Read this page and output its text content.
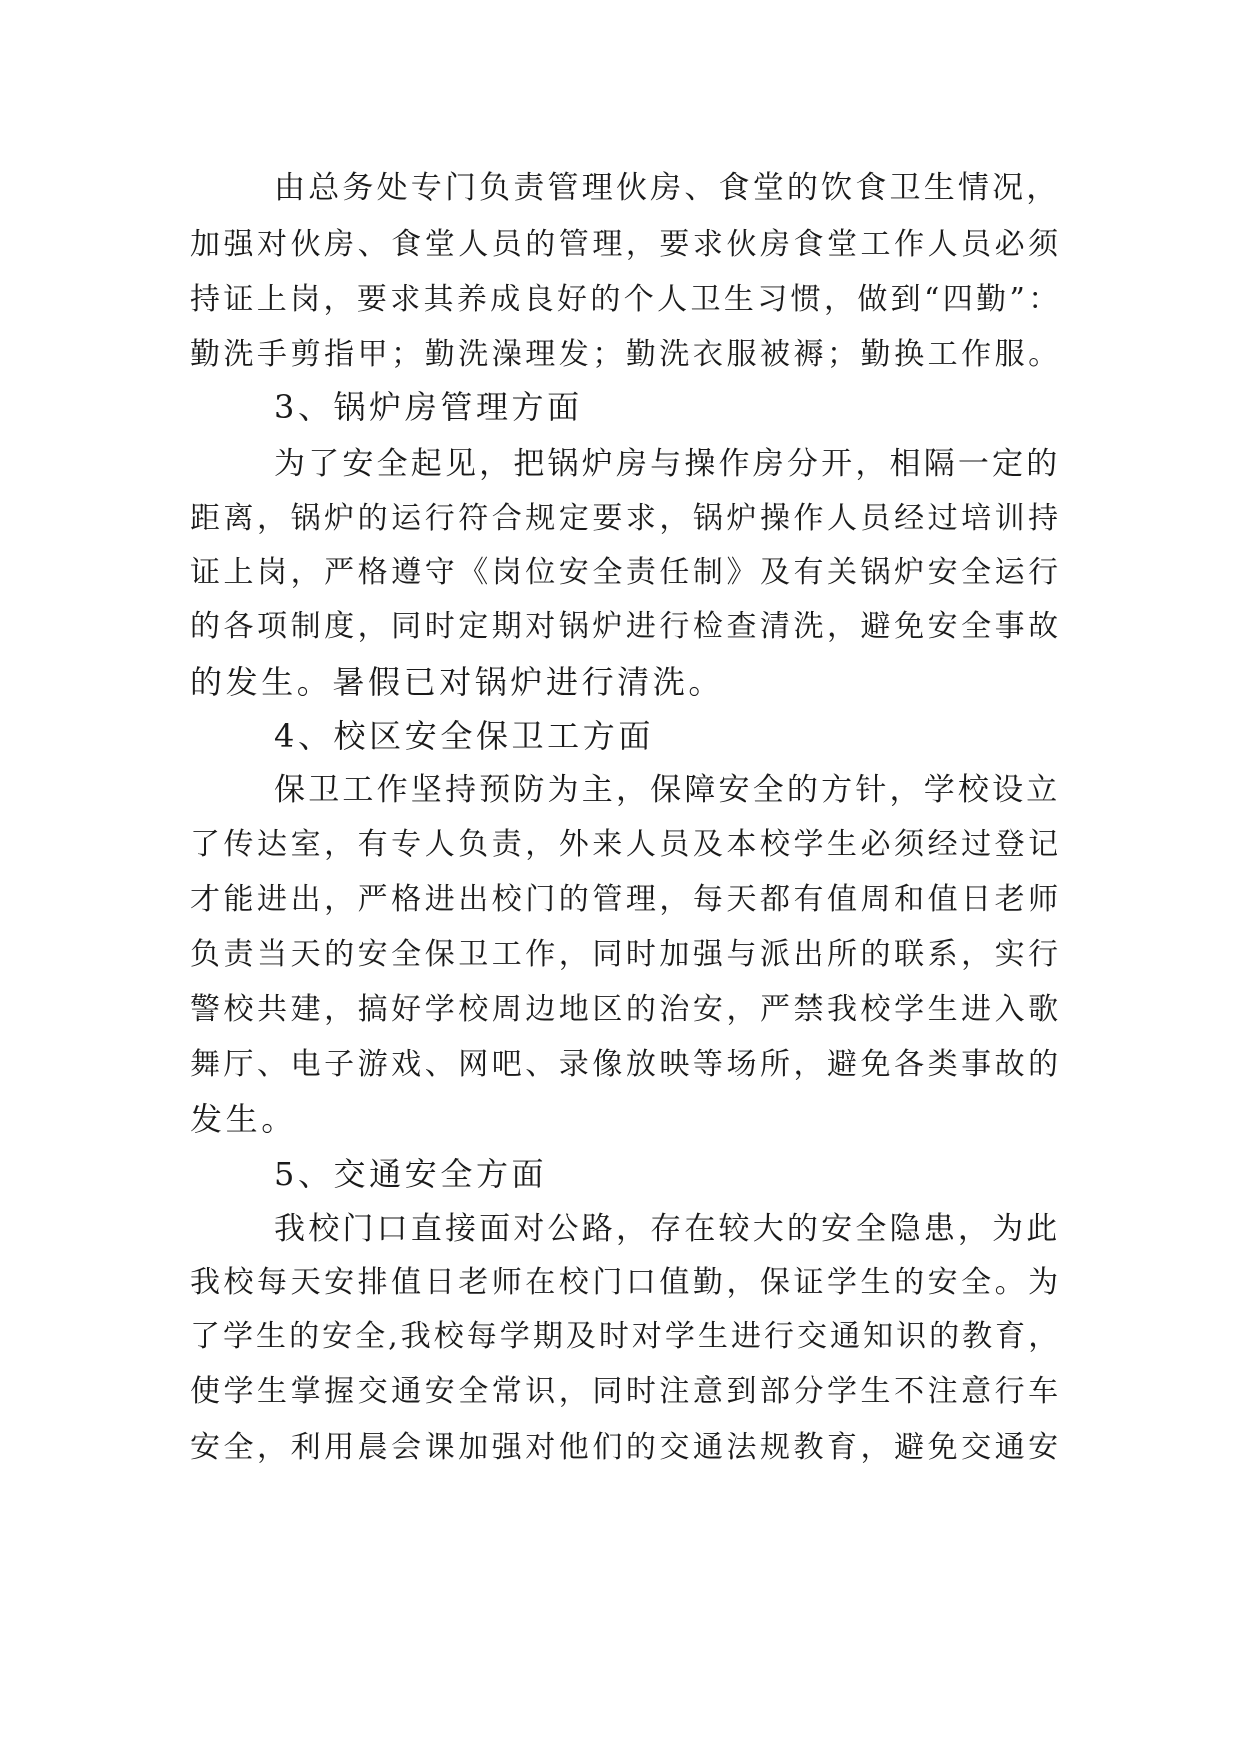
由总务处专门负责管理伙房、食堂的饮食卫生情况，
加强对伙房、食堂人员的管理，要求伙房食堂工作人员必须
持证上岗，要求其养成良好的个人卫生习惯，做到“四勤”：
勤洗手剪指甲；勤洗澡理发；勤洗衣服被褥；勤换工作服。
3、锅炉房管理方面
为了安全起见，把锅炉房与操作房分开，相隔一定的
距离，锅炉的运行符合规定要求，锅炉操作人员经过培训持
证上岗，严格遵守《岗位安全责任制》及有关锅炉安全运行
的各项制度，同时定期对锅炉进行检查清洗，避免安全事故
的发生。暑假已对锅炉进行清洗。
4、校区安全保卫工方面
保卫工作坚持预防为主，保障安全的方针，学校设立
了传达室，有专人负责，外来人员及本校学生必须经过登记
才能进出，严格进出校门的管理，每天都有值周和值日老师
负责当天的安全保卫工作，同时加强与派出所的联系，实行
警校共建，搞好学校周边地区的治安，严禁我校学生进入歌
舞厅、电子游戏、网吧、录像放映等场所，避免各类事故的
发生。
5、交通安全方面
我校门口直接面对公路，存在较大的安全隐患，为此
我校每天安排值日老师在校门口值勤，保证学生的安全。为
了学生的安全,我校每学期及时对学生进行交通知识的教育，
使学生掌握交通安全常识，同时注意到部分学生不注意行车
安全，利用晨会课加强对他们的交通法规教育，避免交通安
